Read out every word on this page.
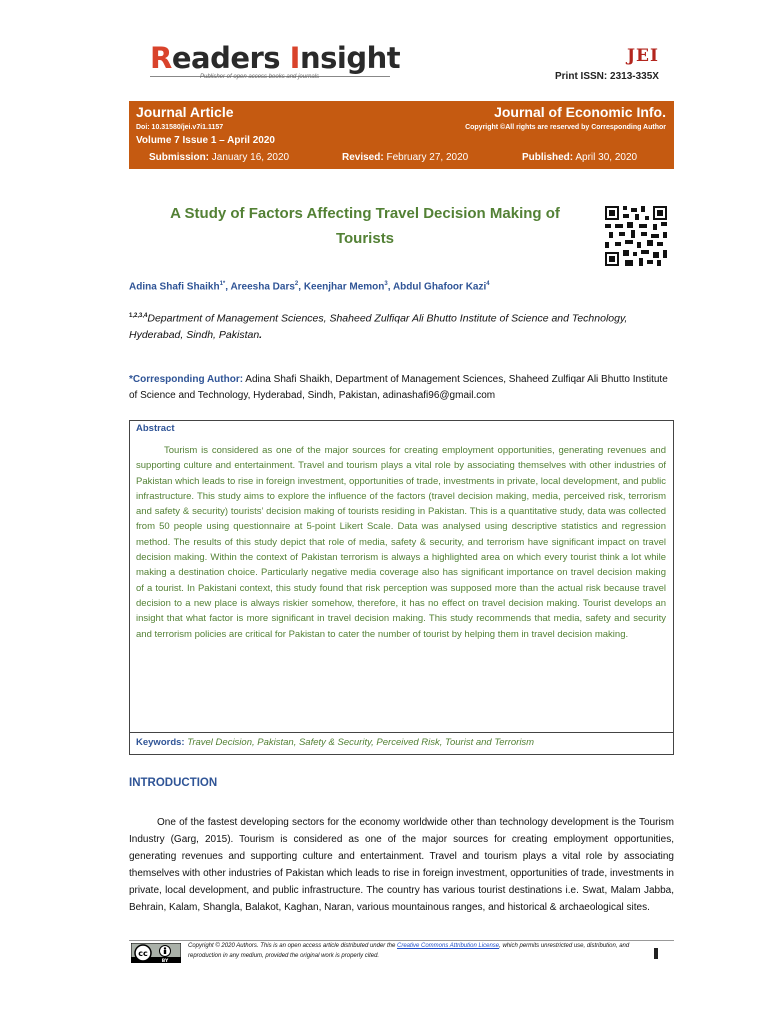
Readers Insight
Publisher of open access books and journals
JEI
Print ISSN: 2313-335X
Journal Article	Journal of Economic Info.
Doi: 10.31580/jei.v7i1.1157	Copyright ©All rights are reserved by Corresponding Author
Volume 7 Issue 1 – April 2020
Submission: January 16, 2020	Revised: February 27, 2020	Published: April 30, 2020
A Study of Factors Affecting Travel Decision Making of
Tourists
Adina Shafi Shaikh$^{1*}$, Areesha Dars$^2$, Keenjhar Memon$^3$, Abdul Ghafoor Kazi$^4$
$^{1,2,3,4}$Department of Management Sciences, Shaheed Zulfiqar Ali Bhutto Institute of Science and Technology, Hyderabad, Sindh, Pakistan.
*Corresponding Author: Adina Shafi Shaikh, Department of Management Sciences, Shaheed Zulfiqar Ali Bhutto Institute of Science and Technology, Hyderabad, Sindh, Pakistan, adinashafi96@gmail.com
Abstract
Tourism is considered as one of the major sources for creating employment opportunities, generating revenues and supporting culture and entertainment. Travel and tourism plays a vital role by associating themselves with other industries of Pakistan which leads to rise in foreign investment, opportunities of trade, investments in private, local development, and public infrastructure. This study aims to explore the influence of the factors (travel decision making, media, perceived risk, terrorism and safety & security) tourists’ decision making of tourists residing in Pakistan. This is a quantitative study, data was collected from 50 people using questionnaire at 5-point Likert Scale. Data was analysed using descriptive statistics and regression method. The results of this study depict that role of media, safety & security, and terrorism have significant impact on travel decision making. Within the context of Pakistan terrorism is always a highlighted area on which every tourist think a lot while making a destination choice. Particularly negative media coverage also has significant importance on travel decision making of a tourist. In Pakistani context, this study found that risk perception was supposed more than the actual risk because travel decision to a new place is always riskier somehow, therefore, it has no effect on travel decision making. Tourist develops an insight that what factor is more significant in travel decision making. This study recommends that media, safety and security and terrorism policies are critical for Pakistan to cater the number of tourist by helping them in travel decision making.
Keywords: Travel Decision, Pakistan, Safety & Security, Perceived Risk, Tourist and Terrorism
INTRODUCTION
One of the fastest developing sectors for the economy worldwide other than technology development is the Tourism Industry (Garg, 2015). Tourism is considered as one of the major sources for creating employment opportunities, generating revenues and supporting culture and entertainment. Travel and tourism plays a vital role by associating themselves with other industries of Pakistan which leads to rise in foreign investment, opportunities of trade, investments in private, local development, and public infrastructure. The country has various tourist destinations i.e. Swat, Malam Jabba, Behrain, Kalam, Shangla, Balakot, Kaghan, Naran, various mountainous ranges, and historical & archaeological sites.
cc
BY
Copyright © 2020 Authors. This is an open access article distributed under the Creative Commons Attribution License, which permits unrestricted use, distribution, and reproduction in any medium, provided the original work is properly cited.
